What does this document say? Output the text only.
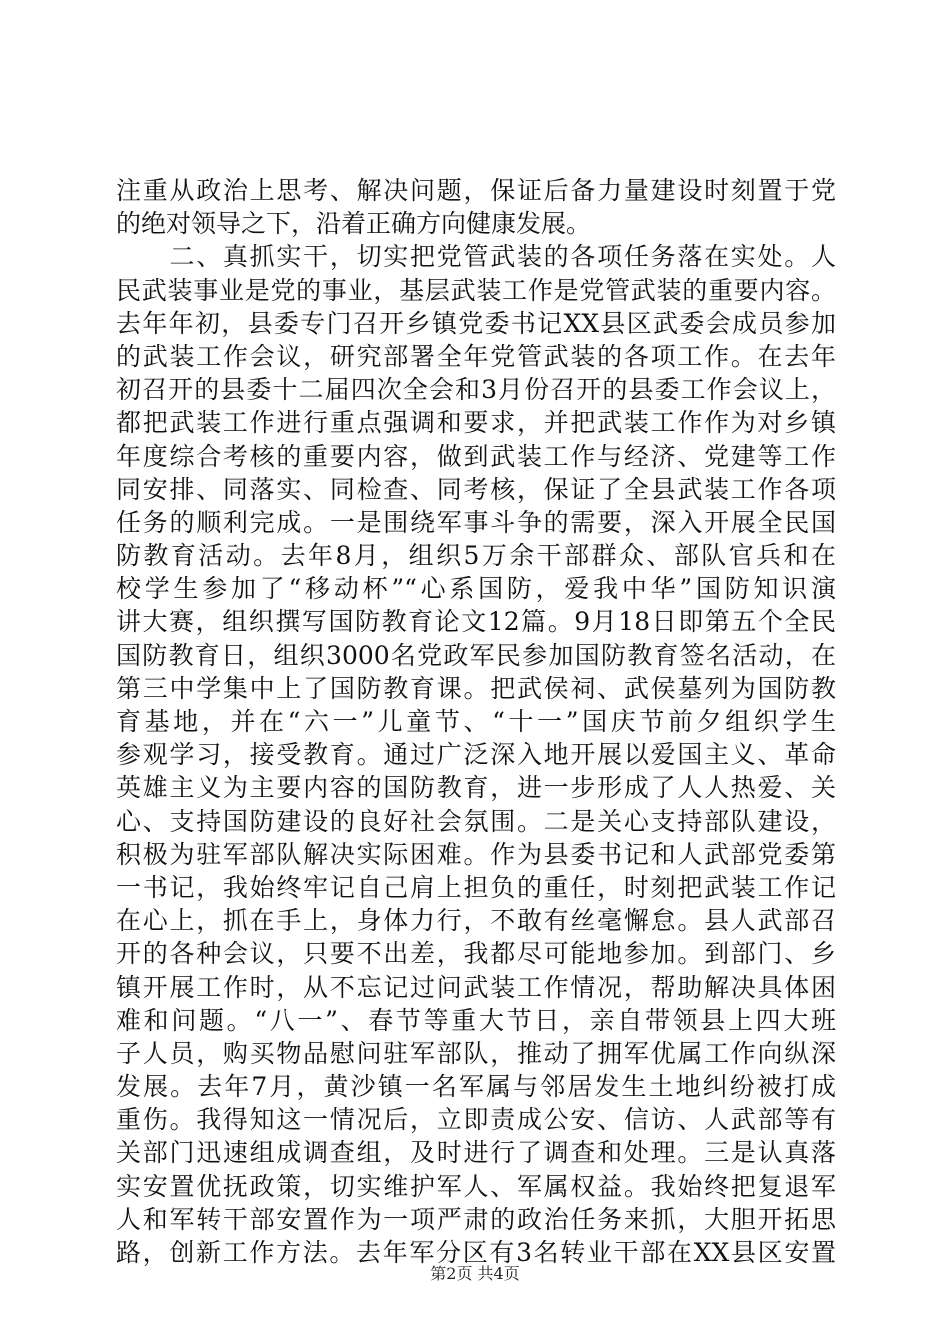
注重从政治上思考、解决问题，保证后备力量建设时刻置于党
的绝对领导之下，沿着正确方向健康发展。
　　二、真抓实干，切实把党管武装的各项任务落在实处。人
民武装事业是党的事业，基层武装工作是党管武装的重要内容。
去年年初，县委专门召开乡镇党委书记XX县区武委会成员参加
的武装工作会议，研究部署全年党管武装的各项工作。在去年
初召开的县委十二届四次全会和3月份召开的县委工作会议上，
都把武装工作进行重点强调和要求，并把武装工作作为对乡镇
年度综合考核的重要内容，做到武装工作与经济、党建等工作
同安排、同落实、同检查、同考核，保证了全县武装工作各项
任务的顺利完成。一是围绕军事斗争的需要，深入开展全民国
防教育活动。去年8月，组织5万余干部群众、部队官兵和在
校学生参加了“移动杯”“心系国防，爱我中华”国防知识演
讲大赛，组织撰写国防教育论文12篇。9月18日即第五个全民
国防教育日，组织3000名党政军民参加国防教育签名活动，在
第三中学集中上了国防教育课。把武侯祠、武侯墓列为国防教
育基地，并在“六一”儿童节、“十一”国庆节前夕组织学生
参观学习，接受教育。通过广泛深入地开展以爱国主义、革命
英雄主义为主要内容的国防教育，进一步形成了人人热爱、关
心、支持国防建设的良好社会氛围。二是关心支持部队建设，
积极为驻军部队解决实际困难。作为县委书记和人武部党委第
一书记，我始终牢记自己肩上担负的重任，时刻把武装工作记
在心上，抓在手上，身体力行，不敢有丝毫懈怠。县人武部召
开的各种会议，只要不出差，我都尽可能地参加。到部门、乡
镇开展工作时，从不忘记过问武装工作情况，帮助解决具体困
难和问题。“八一”、春节等重大节日，亲自带领县上四大班
子人员，购买物品慰问驻军部队，推动了拥军优属工作向纵深
发展。去年7月，黄沙镇一名军属与邻居发生土地纠纷被打成
重伤。我得知这一情况后，立即责成公安、信访、人武部等有
关部门迅速组成调查组，及时进行了调查和处理。三是认真落
实安置优抚政策，切实维护军人、军属权益。我始终把复退军
人和军转干部安置作为一项严肃的政治任务来抓，大胆开拓思
路，创新工作方法。去年军分区有3名转业干部在XX县区安置
第2页 共4页
